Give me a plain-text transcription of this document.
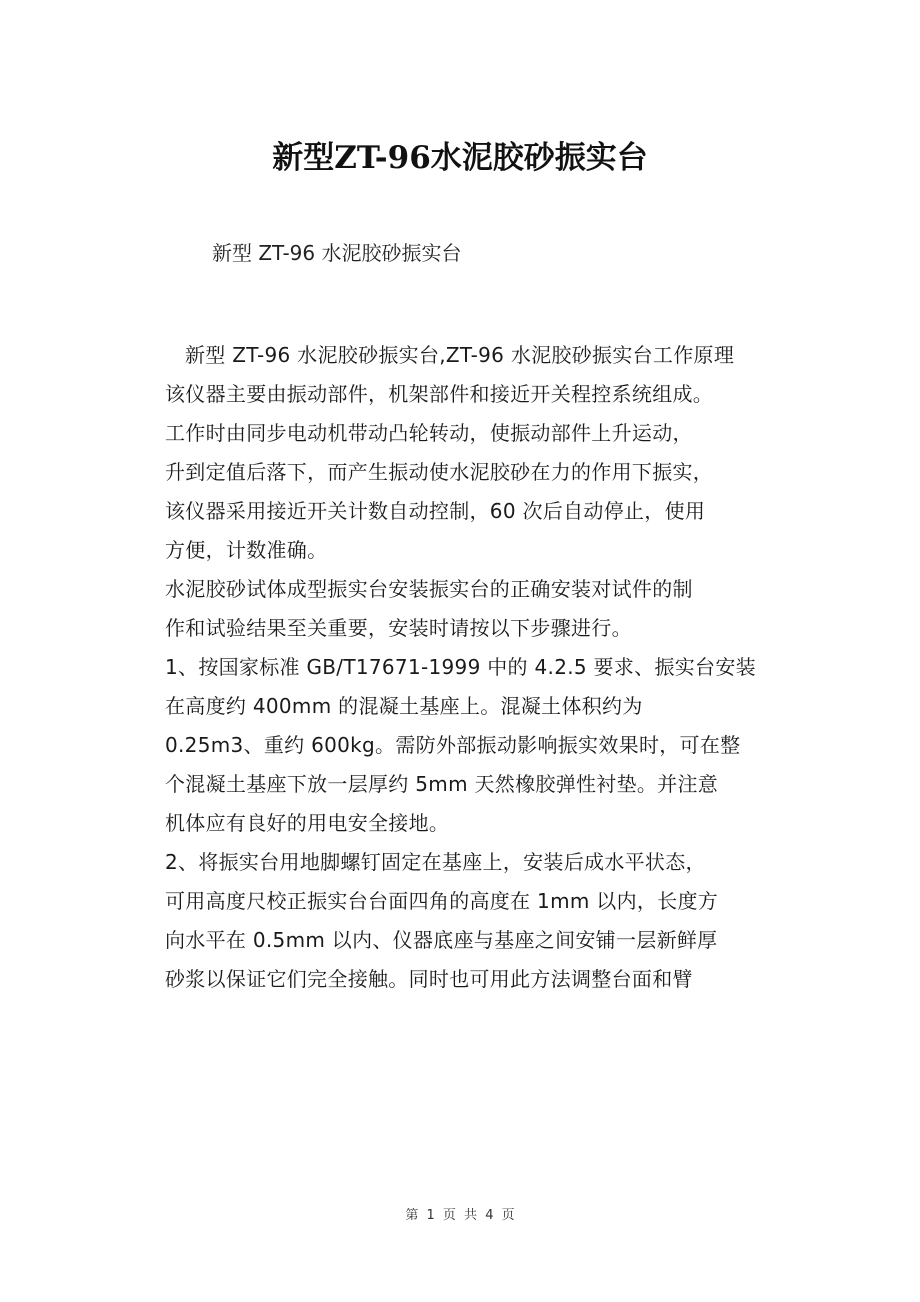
新型ZT-96水泥胶砂振实台
新型 ZT-96 水泥胶砂振实台
新型 ZT-96 水泥胶砂振实台,ZT-96 水泥胶砂振实台工作原理
该仪器主要由振动部件，机架部件和接近开关程控系统组成。
工作时由同步电动机带动凸轮转动，使振动部件上升运动，
升到定值后落下，而产生振动使水泥胶砂在力的作用下振实，
该仪器采用接近开关计数自动控制，60 次后自动停止，使用
方便，计数准确。
水泥胶砂试体成型振实台安装振实台的正确安装对试件的制
作和试验结果至关重要，安装时请按以下步骤进行。
1、按国家标准 GB/T17671-1999 中的 4.2.5 要求、振实台安装
在高度约 400mm 的混凝土基座上。混凝土体积约为
0.25m3、重约 600kg。需防外部振动影响振实效果时，可在整
个混凝土基座下放一层厚约 5mm 天然橡胶弹性衬垫。并注意
机体应有良好的用电安全接地。
2、将振实台用地脚螺钉固定在基座上，安装后成水平状态，
可用高度尺校正振实台台面四角的高度在 1mm 以内，长度方
向水平在 0.5mm 以内、仪器底座与基座之间安铺一层新鲜厚
砂浆以保证它们完全接触。同时也可用此方法调整台面和臂
第 1 页 共 4 页
